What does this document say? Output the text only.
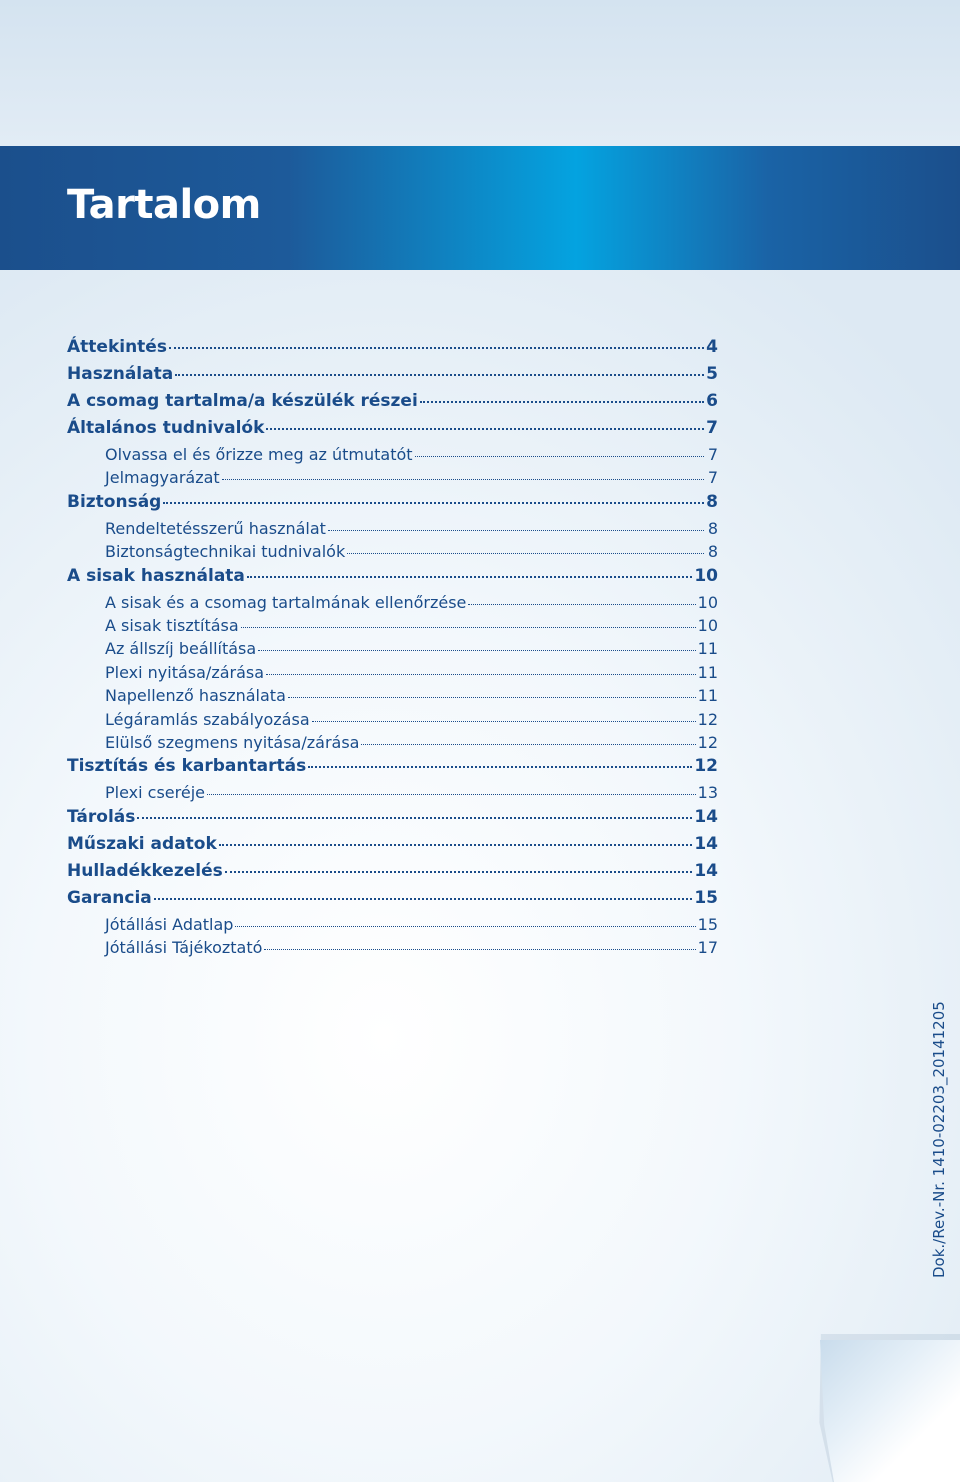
Tartalom
Áttekintés	4
Használata	5
A csomag tartalma/a készülék részei	6
Általános tudnivalók	7
Olvassa el és őrizze meg az útmutatót	7
Jelmagyarázat	7
Biztonság	8
Rendeltetésszerű használat	8
Biztonságtechnikai tudnivalók	8
A sisak használata	10
A sisak és a csomag tartalmának ellenőrzése	10
A sisak tisztítása	10
Az állszíj beállítása	11
Plexi nyitása/zárása	11
Napellenző használata	11
Légáramlás szabályozása	12
Elülső szegmens nyitása/zárása	12
Tisztítás és karbantartás	12
Plexi cseréje	13
Tárolás	14
Műszaki adatok	14
Hulladékkezelés	14
Garancia	15
Jótállási Adatlap	15
Jótállási Tájékoztató	17
Dok./Rev.-Nr. 1410-02203_20141205
